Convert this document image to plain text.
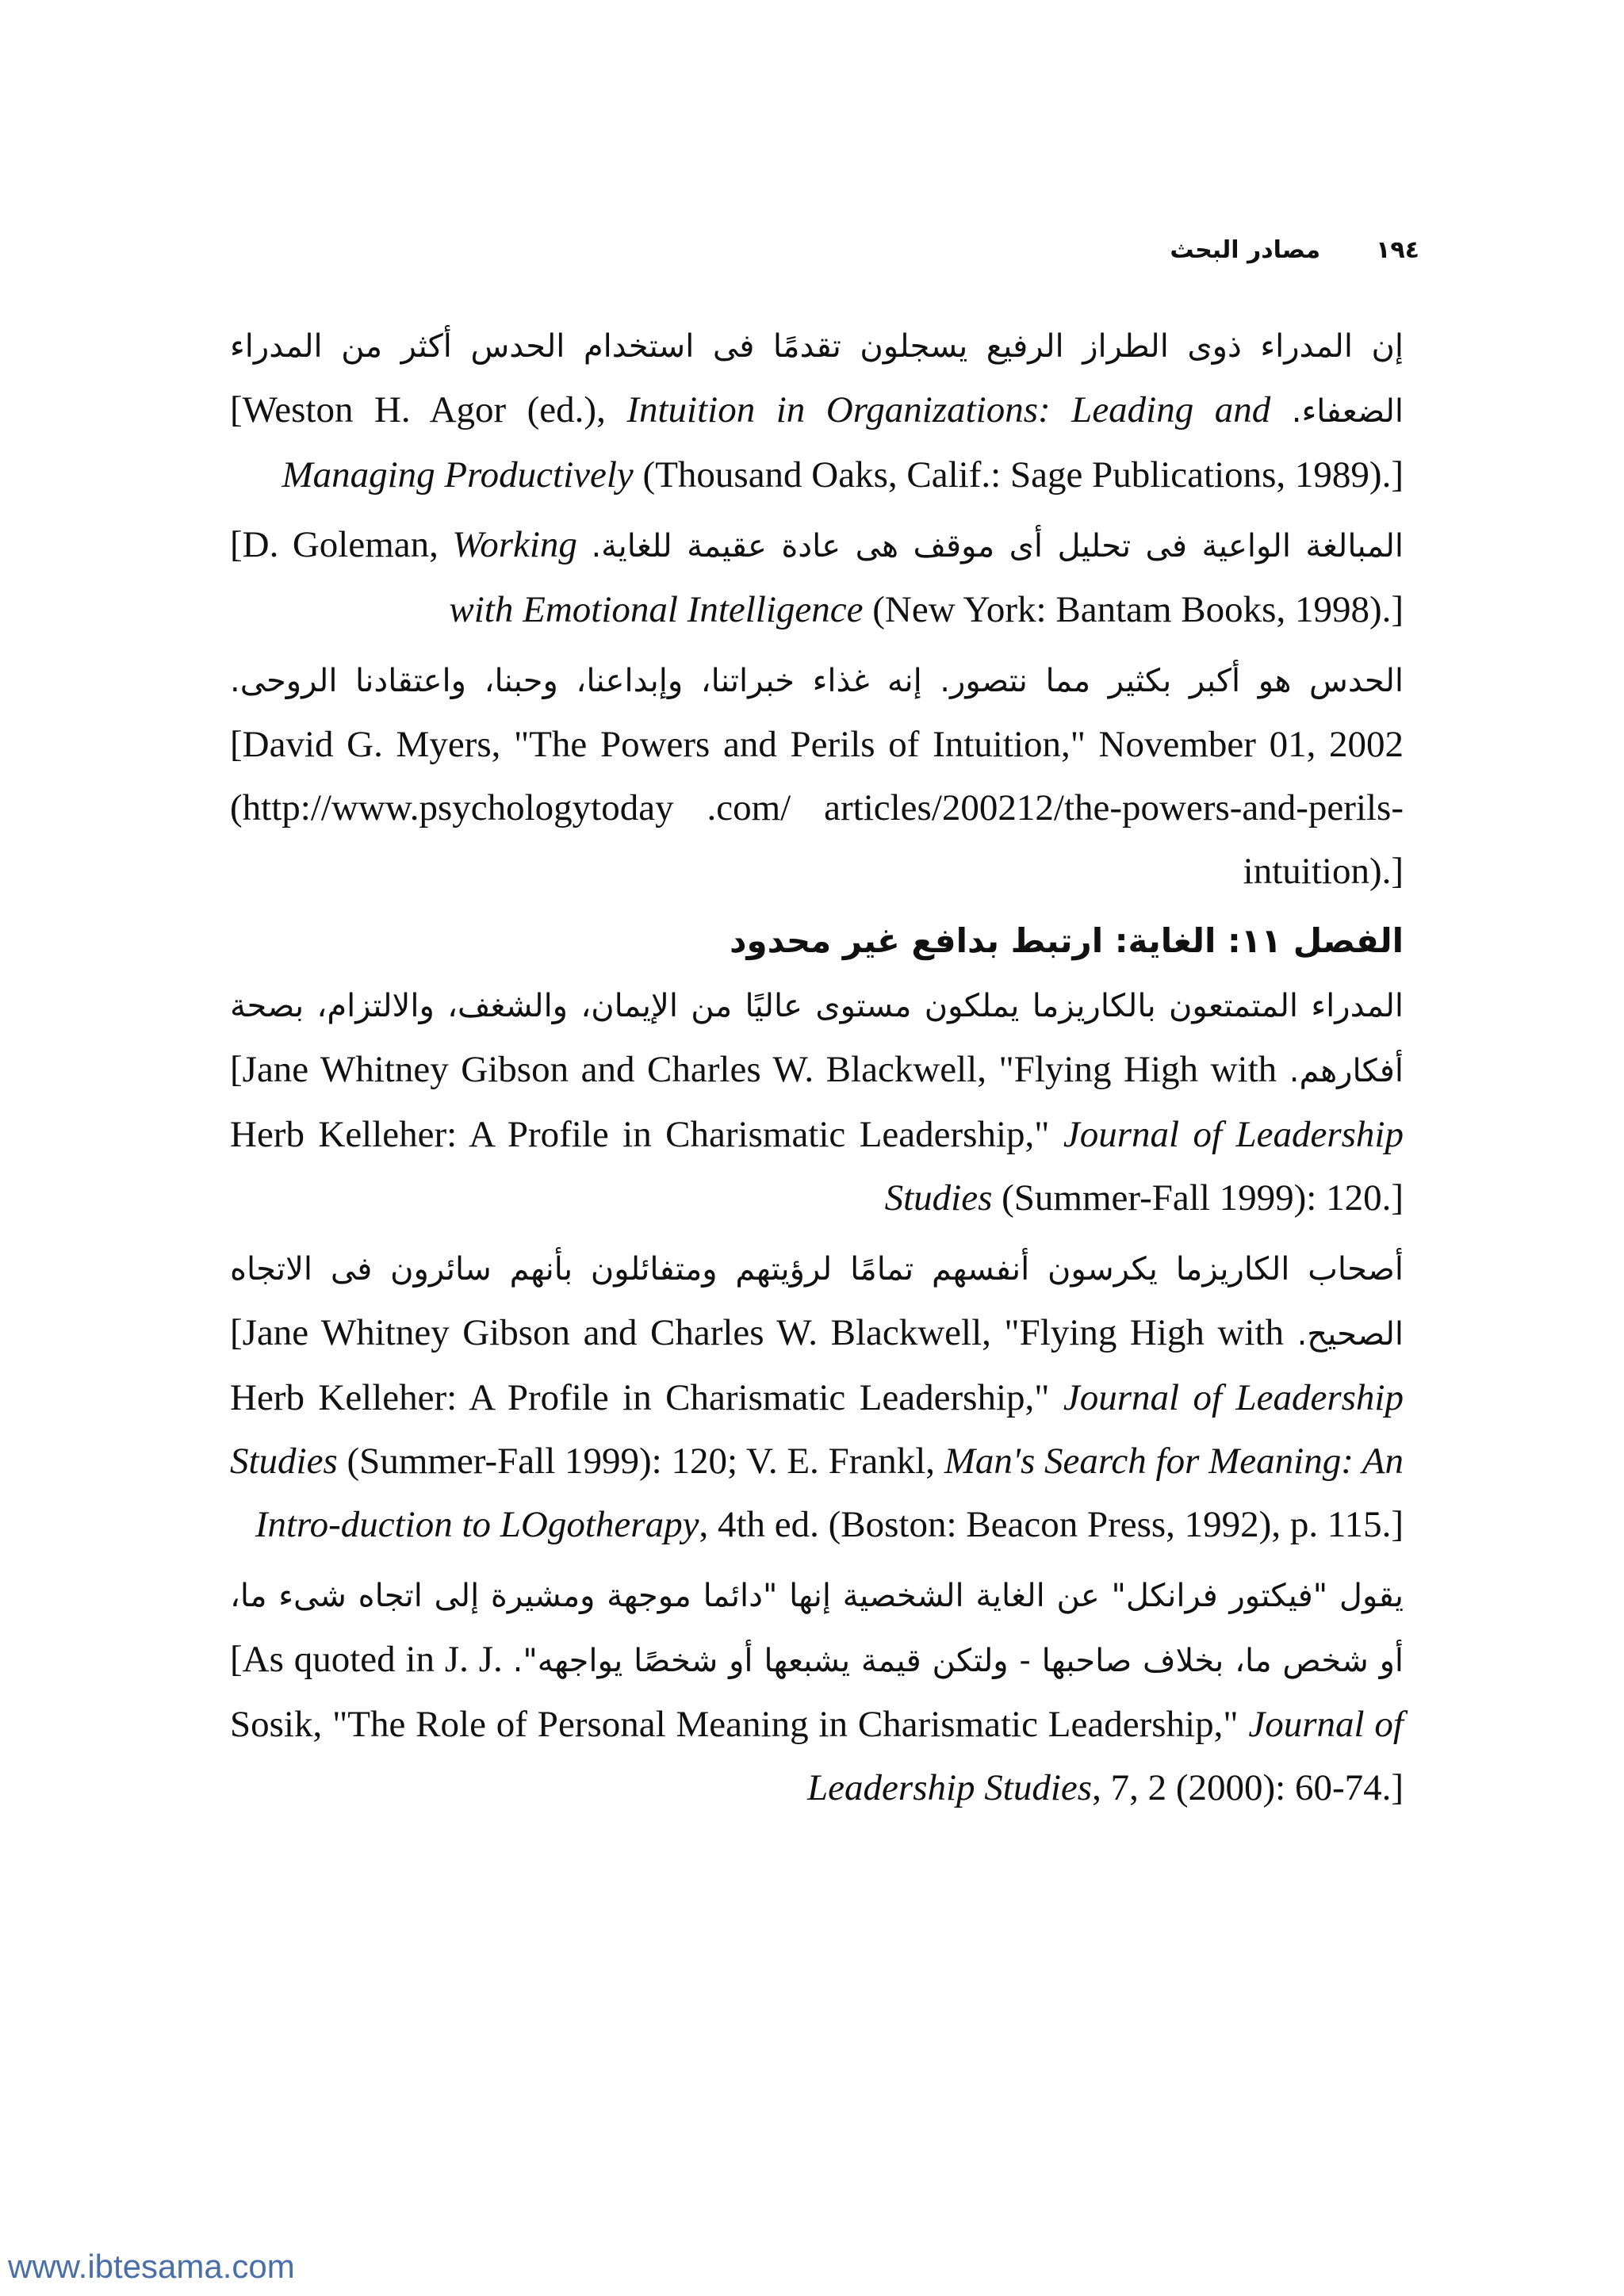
١٩٤
مصادر البحث

إن المدراء ذوى الطراز الرفيع يسجلون تقدمًا فى استخدام الحدس أكثر من المدراء الضعفاء. [Weston H. Agor (ed.), Intuition in Organizations: Leading and Managing Productively (Thousand Oaks, Calif.: Sage Publications, 1989).]

المبالغة الواعية فى تحليل أى موقف هى عادة عقيمة للغاية. [D. Goleman, Working with Emotional Intelligence (New York: Bantam Books, 1998).]

الحدس هو أكبر بكثير مما نتصور. إنه غذاء خبراتنا، وإبداعنا، وحبنا، واعتقادنا الروحى. [David G. Myers, "The Powers and Perils of Intuition," November 01, 2002 (http://www.psychologytoday .com/ articles/200212/the-powers-and-perils-intuition).]

الفصل ١١: الغاية: ارتبط بدافع غير محدود

المدراء المتمتعون بالكاريزما يملكون مستوى عاليًا من الإيمان، والشغف، والالتزام، بصحة أفكارهم. [Jane Whitney Gibson and Charles W. Blackwell, "Flying High with Herb Kelleher: A Profile in Charismatic Leadership," Journal of Leadership Studies (Summer-Fall 1999): 120.]

أصحاب الكاريزما يكرسون أنفسهم تمامًا لرؤيتهم ومتفائلون بأنهم سائرون فى الاتجاه الصحيح. [Jane Whitney Gibson and Charles W. Blackwell, "Flying High with Herb Kelleher: A Profile in Charismatic Leadership," Journal of Leadership Studies (Summer-Fall 1999): 120; V. E. Frankl, Man's Search for Meaning: An Intro-duction to LOgotherapy, 4th ed. (Boston: Beacon Press, 1992), p. 115.]

يقول "فيكتور فرانكل" عن الغاية الشخصية إنها "دائما موجهة ومشيرة إلى اتجاه شىء ما، أو شخص ما، بخلاف صاحبها - ولتكن قيمة يشبعها أو شخصًا يواجهه". [As quoted in J. J. Sosik, "The Role of Personal Meaning in Charismatic Leadership," Journal of Leadership Studies, 7, 2 (2000): 60-74.]

www.ibtesama.com
